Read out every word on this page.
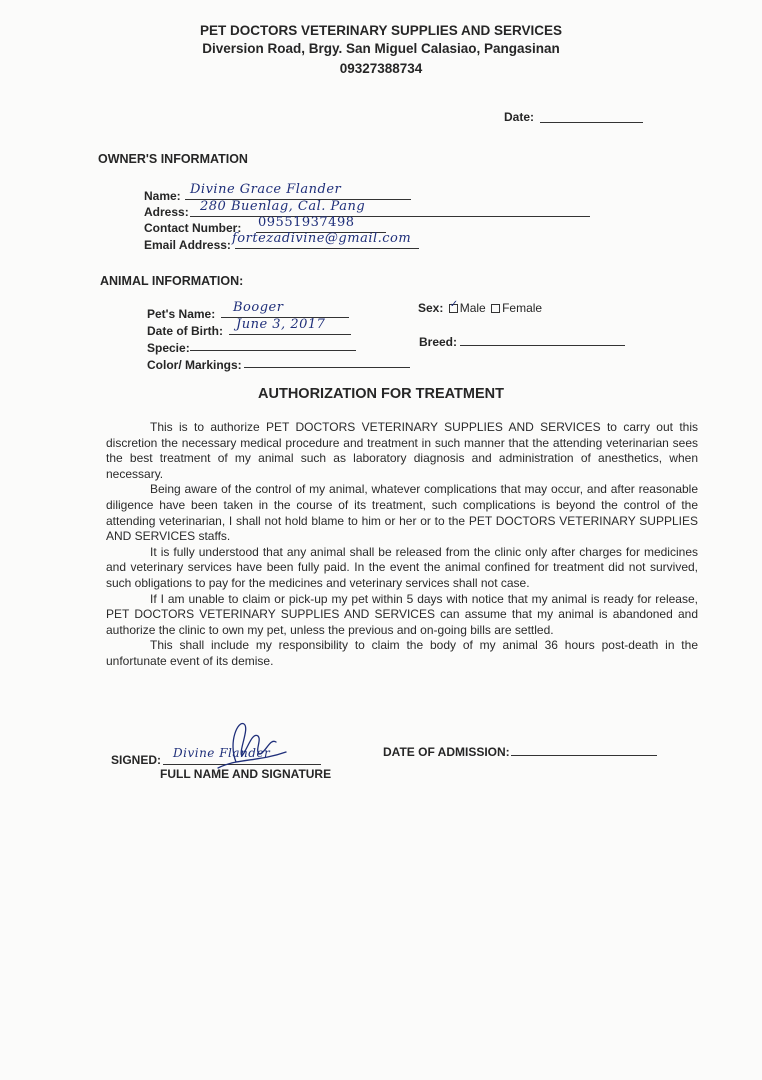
PET DOCTORS VETERINARY SUPPLIES AND SERVICES
Diversion Road, Brgy. San Miguel Calasiao, Pangasinan
09327388734
Date:
OWNER'S INFORMATION
Name: Divine Grace Flander
Adress: 280 Buenlag, Cal. Pang
Contact Number: 09551937498
Email Address: fortezadivine@gmail.com
ANIMAL INFORMATION:
Pet's Name: Booger
Date of Birth: June 3, 2017
Specie:
Color/ Markings:
Sex: ✓ Male Female
Breed:
AUTHORIZATION FOR TREATMENT

This is to authorize PET DOCTORS VETERINARY SUPPLIES AND SERVICES to carry out this discretion the necessary medical procedure and treatment in such manner that the attending veterinarian sees the best treatment of my animal such as laboratory diagnosis and administration of anesthetics, when necessary.

Being aware of the control of my animal, whatever complications that may occur, and after reasonable diligence have been taken in the course of its treatment, such complications is beyond the control of the attending veterinarian, I shall not hold blame to him or her or to the PET DOCTORS VETERINARY SUPPLIES AND SERVICES staffs.

It is fully understood that any animal shall be released from the clinic only after charges for medicines and veterinary services have been fully paid. In the event the animal confined for treatment did not survived, such obligations to pay for the medicines and veterinary services shall not case.

If I am unable to claim or pick-up my pet within 5 days with notice that my animal is ready for release, PET DOCTORS VETERINARY SUPPLIES AND SERVICES can assume that my animal is abandoned and authorize the clinic to own my pet, unless the previous and on-going bills are settled.

This shall include my responsibility to claim the body of my animal 36 hours post-death in the unfortunate event of its demise.

SIGNED: Divine Flander
FULL NAME AND SIGNATURE
DATE OF ADMISSION:
